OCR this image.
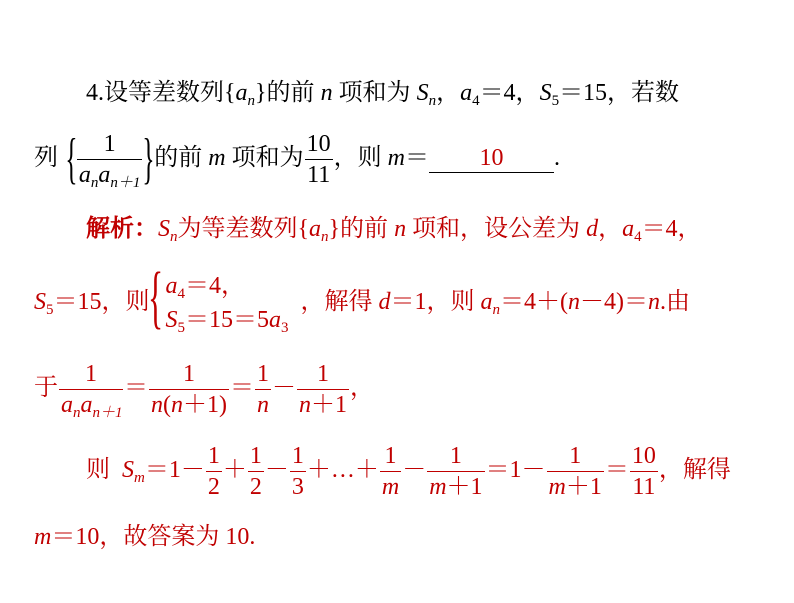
4.设等差数列$\{a_n\}$的前 n 项和为 $S_n$，$a_4=4$，$S_5=15$，若数
列 { $\frac{1}{a_na_{n+1}}$ }的前 m 项和为 $\frac{10}{11}$ ，则 m＝ 10 .
解析：$S_n$为等差数列$\{a_n\}$的前 n 项和，设公差为 d，$a_4=4$，
$S_5=15$，则
{ $a_4=4$，
$S_5=15=5a_3$
，解得 d＝1，则 $a_n=4+(n-4)=n$.由
于 $\frac{1}{a_na_{n+1}} = \frac{1}{n(n+1)} = \frac{1}{n} - \frac{1}{n+1}$ ，
则 $S_m=1- \frac{1}{2} + \frac{1}{2} - \frac{1}{3}$ ＋…＋ $\frac{1}{m} - \frac{1}{m+1} =1- \frac{1}{m+1} = \frac{10}{11}$ ，解得
m＝10，故答案为 10.
